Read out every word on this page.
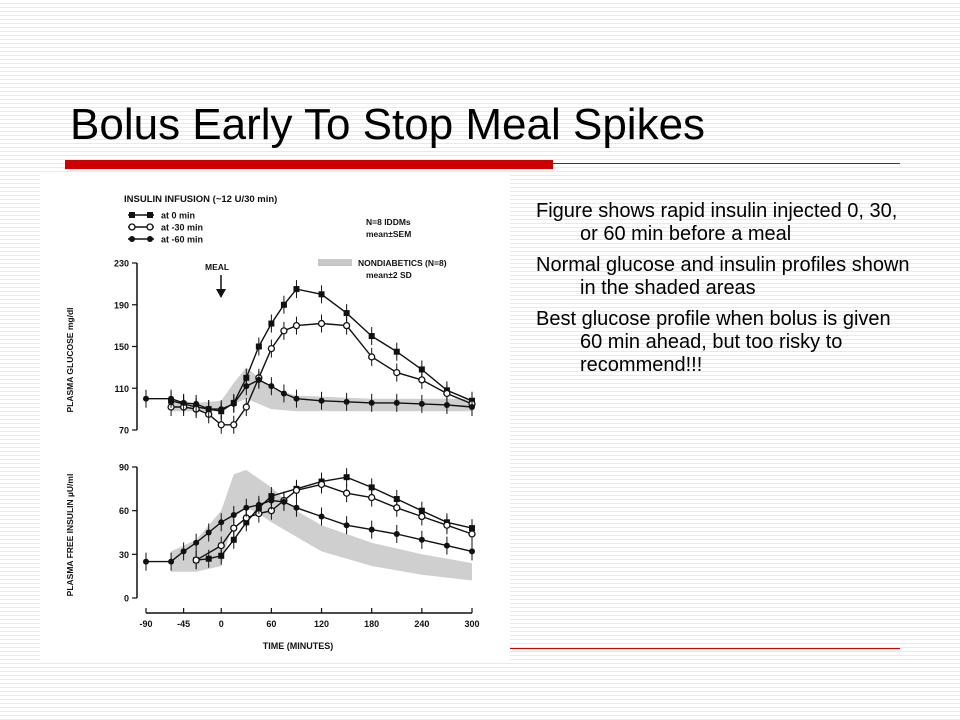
Bolus Early To Stop Meal Spikes
INSULIN INFUSION (~12 U/30 min)
at 0 min
at -30 min
at -60 min
N=8 IDDMs
mean±SEM
NONDIABETICS (N=8)
mean±2 SD
MEAL
PLASMA GLUCOSE mg/dl
PLASMA FREE INSULIN µU/ml
TIME (MINUTES)
70
110
150
190
230
0
30
60
90
-90	-45	0	60	120	180	240	300
Figure shows rapid insulin injected 0, 30, or 60 min before a meal
Normal glucose and insulin profiles shown in the shaded areas
Best glucose profile when bolus is given 60 min ahead, but too risky to recommend!!!
